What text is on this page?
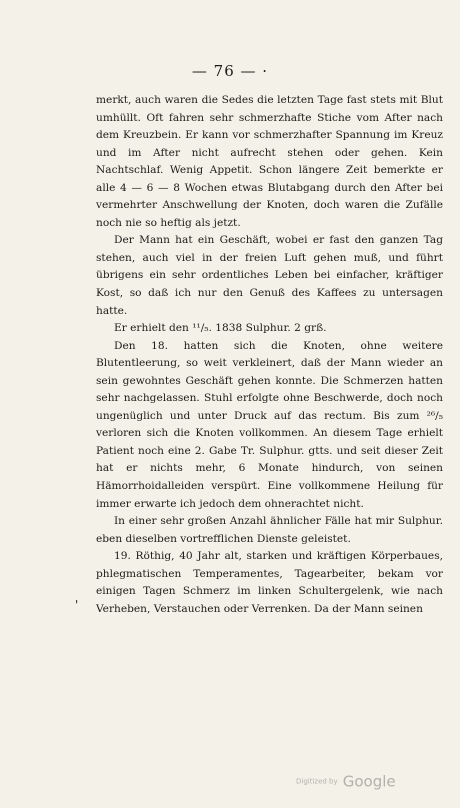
— 76 — ·

merkt, auch waren die Sedes die letzten Tage fast stets mit Blut umhüllt. Oft fahren sehr schmerzhafte Stiche vom After nach dem Kreuzbein. Er kann vor schmerzhafter Spannung im Kreuz und im After nicht aufrecht stehen oder gehen. Kein Nachtschlaf. Wenig Appetit. Schon längere Zeit bemerkte er alle 4 — 6 — 8 Wochen etwas Blutabgang durch den After bei vermehrter Anschwellung der Knoten, doch waren die Zufälle noch nie so heftig als jetzt.

Der Mann hat ein Geschäft, wobei er fast den ganzen Tag stehen, auch viel in der freien Luft gehen muß, und führt übrigens ein sehr ordentliches Leben bei einfacher, kräftiger Kost, so daß ich nur den Genuß des Kaffees zu untersagen hatte.

Er erhielt den ¹¹/₅. 1838 Sulphur. 2 grß.

Den 18. hatten sich die Knoten, ohne weitere Blutentleerung, so weit verkleinert, daß der Mann wieder an sein gewohntes Geschäft gehen konnte. Die Schmerzen hatten sehr nachgelassen. Stuhl erfolgte ohne Beschwerde, doch noch ungenüglich und unter Druck auf das rectum. Bis zum ²⁶/₅ verloren sich die Knoten vollkommen. An diesem Tage erhielt Patient noch eine 2. Gabe Tr. Sulphur. gtts. und seit dieser Zeit hat er nichts mehr, 6 Monate hindurch, von seinen Hämorrhoidalleiden verspürt. Eine vollkommene Heilung für immer erwarte ich jedoch dem ohnerachtet nicht.

In einer sehr großen Anzahl ähnlicher Fälle hat mir Sulphur. eben dieselben vortrefflichen Dienste geleistet.

19. Röthig, 40 Jahr alt, starken und kräftigen Körperbaues, phlegmatischen Temperamentes, Tagearbeiter, bekam vor einigen Tagen Schmerz im linken Schultergelenk, wie nach Verheben, Verstauchen oder Verrenken. Da der Mann seinen

'
Digitized by Google
